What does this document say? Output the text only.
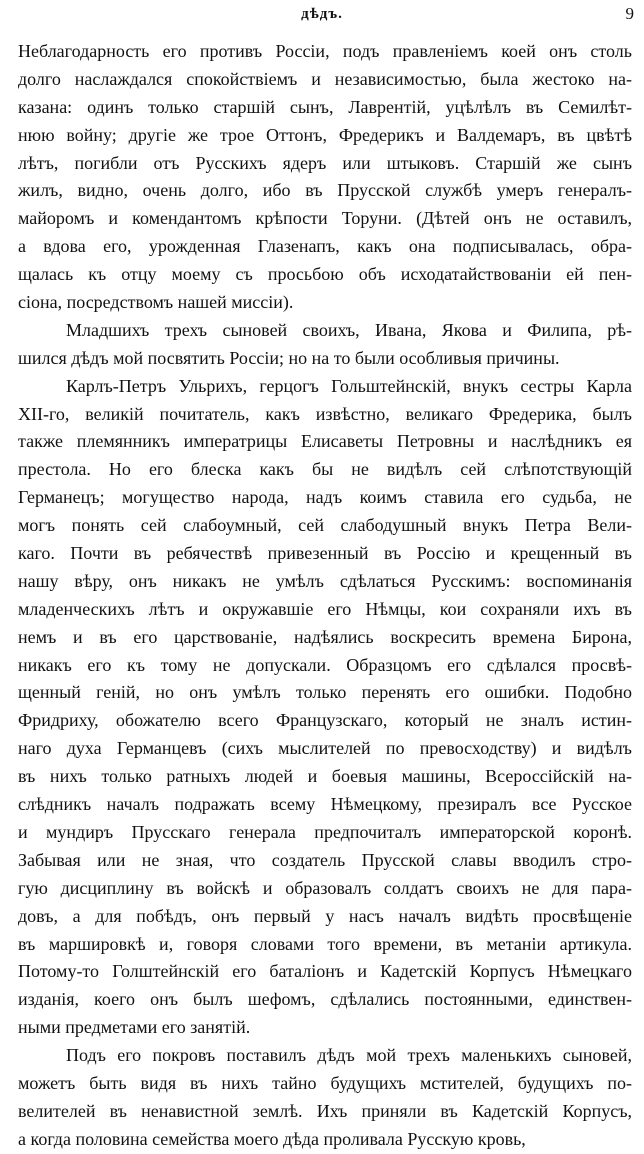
дѣдъ.	9
Неблагодарность его противъ Россіи, подъ правленіемъ коей онъ столь
долго наслаждался спокойствіемъ и независимостью, была жестоко на-
казана: одинъ только старшій сынъ, Лаврентій, уцѣлѣлъ въ Семилѣт-
нюю войну; другіе же трое Оттонъ, Фредерикъ и Валдемаръ, въ цвѣтѣ
лѣтъ, погибли отъ Русскихъ ядеръ или штыковъ. Старшій же сынъ
жилъ, видно, очень долго, ибо въ Прусской службѣ умеръ генералъ-
майоромъ и комендантомъ крѣпости Торуни. (Дѣтей онъ не оставилъ,
а вдова его, урожденная Глазенапъ, какъ она подписывалась, обра-
щалась къ отцу моему съ просьбою объ исходатайствованіи ей пен-
сіона, посредствомъ нашей миссіи).
Младшихъ трехъ сыновей своихъ, Ивана, Якова и Филипа, рѣ-
шился дѣдъ мой посвятить Россіи; но на то были особливыя причины.
Карлъ-Петръ Ульрихъ, герцогъ Гольштейнскій, внукъ сестры Карла
XII-го, великій почитатель, какъ извѣстно, великаго Фредерика, былъ
также племянникъ императрицы Елисаветы Петровны и наслѣдникъ ея
престола. Но его блеска какъ бы не видѣлъ сей слѣпотствующій
Германецъ; могущество народа, надъ коимъ ставила его судьба, не
могъ понять сей слабоумный, сей слабодушный внукъ Петра Вели-
каго. Почти въ ребячествѣ привезенный въ Россію и крещенный въ
нашу вѣру, онъ никакъ не умѣлъ сдѣлаться Русскимъ: воспоминанія
младенческихъ лѣтъ и окружавшіе его Нѣмцы, кои сохраняли ихъ въ
немъ и въ его царствованіе, надѣялись воскресить времена Бирона,
никакъ его къ тому не допускали. Образцомъ его сдѣлался просвѣ-
щенный геній, но онъ умѣлъ только перенять его ошибки. Подобно
Фридриху, обожателю всего Французскаго, который не зналъ истин-
наго духа Германцевъ (сихъ мыслителей по превосходству) и видѣлъ
въ нихъ только ратныхъ людей и боевыя машины, Всероссійскій на-
слѣдникъ началъ подражать всему Нѣмецкому, презиралъ все Русское
и мундиръ Прусскаго генерала предпочиталъ императорской коронѣ.
Забывая или не зная, что создатель Прусской славы вводилъ стро-
гую дисциплину въ войскѣ и образовалъ солдатъ своихъ не для пара-
довъ, а для побѣдъ, онъ первый у насъ началъ видѣть просвѣщеніе
въ маршировкѣ и, говоря словами того времени, въ метаніи артикула.
Потому-то Голштейнскій его баталіонъ и Кадетскій Корпусъ Нѣмецкаго
изданія, коего онъ былъ шефомъ, сдѣлались постоянными, единствен-
ными предметами его занятій.
Подъ его покровъ поставилъ дѣдъ мой трехъ маленькихъ сыновей,
можетъ быть видя въ нихъ тайно будущихъ мстителей, будущихъ по-
велителей въ ненавистной землѣ. Ихъ приняли въ Кадетскій Корпусъ,
а когда половина семейства моего дѣда проливала Русскую кровь,
